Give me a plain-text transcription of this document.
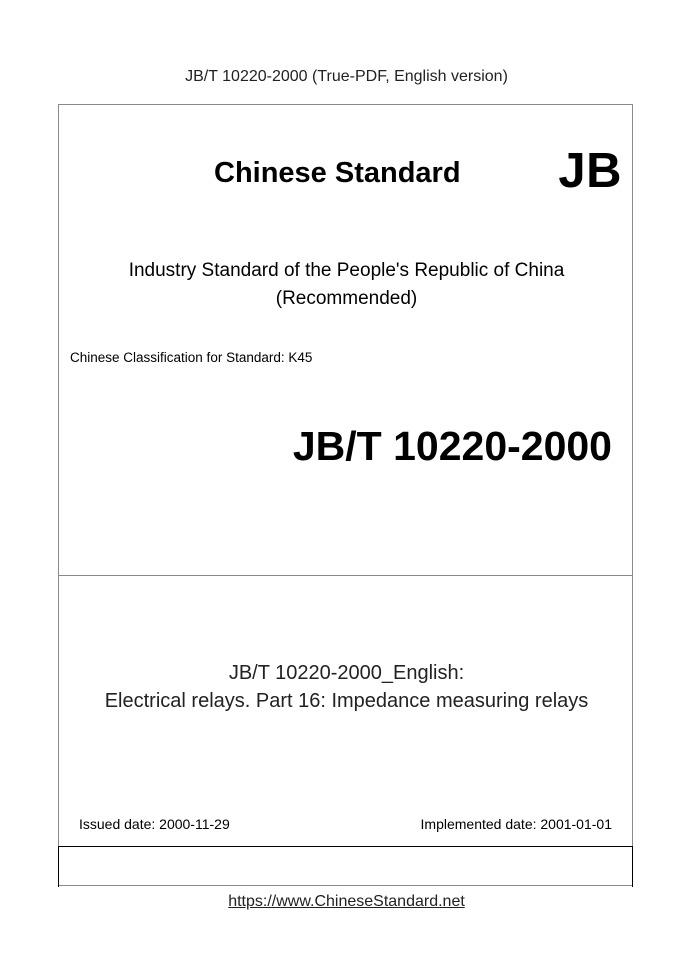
JB/T 10220-2000 (True-PDF, English version)
Chinese Standard JB
Industry Standard of the People's Republic of China
(Recommended)
Chinese Classification for Standard: K45
JB/T 10220-2000
JB/T 10220-2000_English:
Electrical relays. Part 16: Impedance measuring relays
Issued date: 2000-11-29	Implemented date: 2001-01-01
https://www.ChineseStandard.net
